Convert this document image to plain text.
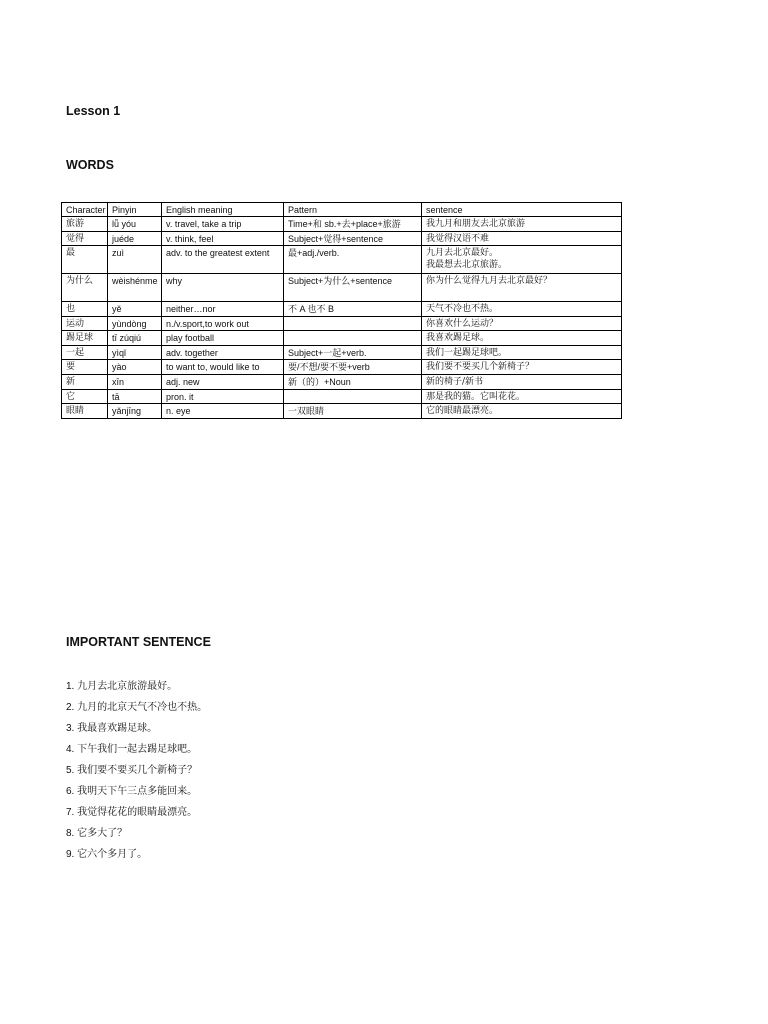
Lesson 1
WORDS
Character	Pinyin	English meaning	Pattern	sentence
旅游	lǚ yóu	v. travel, take a trip	Time+和 sb.+去+place+旅游	我九月和朋友去北京旅游
觉得	juéde	v. think, feel	Subject+觉得+sentence	我觉得汉语不难
最	zuì	adv. to the greatest extent	最+adj./verb.	九月去北京最好。
我最想去北京旅游。
为什么	wèishénme	why	Subject+为什么+sentence	你为什么觉得九月去北京最好？
也	yě	neither…nor	不 A 也不 B	天气不冷也不热。
运动	yùndòng	n./v.sport,to work out		你喜欢什么运动？
踢足球	tī zúqiú	play football		我喜欢踢足球。
一起	yìqǐ	adv. together	Subject+一起+verb.	我们一起踢足球吧。
要	yào	to want to, would like to	要/不想/要不要+verb	我们要不要买几个新椅子？
新	xīn	adj. new	新（的）+Noun	新的椅子/新书
它	tā	pron. it		那是我的猫。它叫花花。
眼睛	yǎnjīng	n. eye	一双眼睛	它的眼睛最漂亮。
IMPORTANT SENTENCE
1. 九月去北京旅游最好。
2. 九月的北京天气不冷也不热。
3. 我最喜欢踢足球。
4. 下午我们一起去踢足球吧。
5. 我们要不要买几个新椅子？
6. 我明天下午三点多能回来。
7. 我觉得花花的眼睛最漂亮。
8. 它多大了？
9. 它六个多月了。
